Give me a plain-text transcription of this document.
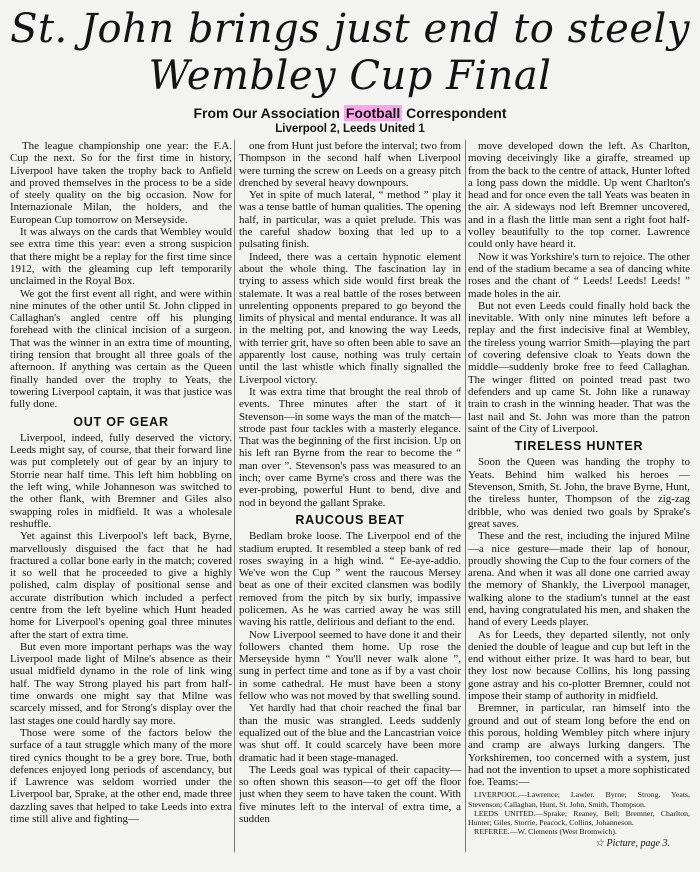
St. John brings just end to steely
Wembley Cup Final
From Our Association Football Correspondent
Liverpool 2, Leeds United 1

The league championship one year: the F.A. Cup the next. So for the first time in history, Liverpool have taken the trophy back to Anfield and proved themselves in the process to be a side of steely quality on the big occasion. Now for Internazionale Milan, the holders, and the European Cup tomorrow on Merseyside.

It was always on the cards that Wembley would see extra time this year: even a strong suspicion that there might be a replay for the first time since 1912, with the gleaming cup left temporarily unclaimed in the Royal Box.

We got the first event all right, and were within nine minutes of the other until St. John clipped in Callaghan's angled centre off his plunging forehead with the clinical incision of a surgeon. That was the winner in an extra time of mounting, tiring tension that brought all three goals of the afternoon. If anything was certain as the Queen finally handed over the trophy to Yeats, the towering Liverpool captain, it was that justice was fully done.

OUT OF GEAR

Liverpool, indeed, fully deserved the victory. Leeds might say, of course, that their forward line was put completely out of gear by an injury to Storrie near half time. This left him hobbling on the left wing, while Johanneson was switched to the other flank, with Bremner and Giles also swapping roles in midfield. It was a wholesale reshuffle.

Yet against this Liverpool's left back, Byrne, marvellously disguised the fact that he had fractured a collar bone early in the match; covered it so well that he proceeded to give a highly polished, calm display of positional sense and accurate distribution which included a perfect centre from the left byeline which Hunt headed home for Liverpool's opening goal three minutes after the start of extra time.

But even more important perhaps was the way Liverpool made light of Milne's absence as their usual midfield dynamo in the role of link wing half. The way Strong played his part from half-time onwards one might say that Milne was scarcely missed, and for Strong's display over the last stages one could hardly say more.

Those were some of the factors below the surface of a taut struggle which many of the more tired cynics thought to be a grey bore. True, both defences enjoyed long periods of ascendancy, but if Lawrence was seldom worried under the Liverpool bar, Sprake, at the other end, made three dazzling saves that helped to take Leeds into extra time still alive and fighting—

one from Hunt just before the interval; two from Thompson in the second half when Liverpool were turning the screw on Leeds on a greasy pitch drenched by several heavy downpours.

Yet in spite of much lateral, “ method ” play it was a tense battle of human qualities. The opening half, in particular, was a quiet prelude. This was the careful shadow boxing that led up to a pulsating finish.

Indeed, there was a certain hypnotic element about the whole thing. The fascination lay in trying to assess which side would first break the stalemate. It was a real battle of the roses between unrelenting opponents prepared to go beyond the limits of physical and mental endurance. It was all in the melting pot, and knowing the way Leeds, with terrier grit, have so often been able to save an apparently lost cause, nothing was truly certain until the last whistle which finally signalled the Liverpool victory.

It was extra time that brought the real throb of events. Three minutes after the start of it Stevenson—in some ways the man of the match—strode past four tackles with a masterly elegance. That was the beginning of the first incision. Up on his left ran Byrne from the rear to become the “ man over ”. Stevenson's pass was measured to an inch; over came Byrne's cross and there was the ever-probing, powerful Hunt to bend, dive and nod in beyond the gallant Sprake.

RAUCOUS BEAT

Bedlam broke loose. The Liverpool end of the stadium erupted. It resembled a steep bank of red roses swaying in a high wind. “ Ee-aye-addio. We've won the Cup ” went the raucous Mersey beat as one of their excited clansmen was bodily removed from the pitch by six burly, impassive policemen. As he was carried away he was still waving his rattle, delirious and defiant to the end.

Now Liverpool seemed to have done it and their followers chanted them home. Up rose the Merseyside hymn “ You'll never walk alone ”, sung in perfect time and tone as if by a vast choir in some cathedral. He must have been a stony fellow who was not moved by that swelling sound.

Yet hardly had that choir reached the final bar than the music was strangled. Leeds suddenly equalized out of the blue and the Lancastrian voice was shut off. It could scarcely have been more dramatic had it been stage-managed.

The Leeds goal was typical of their capacity—so often shown this season—to get off the floor just when they seem to have taken the count. With five minutes left to the interval of extra time, a sudden

move developed down the left. As Charlton, moving deceivingly like a giraffe, streamed up from the back to the centre of attack, Hunter lofted a long pass down the middle. Up went Charlton's head and for once even the tall Yeats was beaten in the air. A sideways nod left Bremner uncovered, and in a flash the little man sent a right foot half-volley beautifully to the top corner. Lawrence could only have heard it.

Now it was Yorkshire's turn to rejoice. The other end of the stadium became a sea of dancing white roses and the chant of “ Leeds! Leeds! Leeds! ” made holes in the air.

But not even Leeds could finally hold back the inevitable. With only nine minutes left before a replay and the first indecisive final at Wembley, the tireless young warrior Smith—playing the part of covering defensive cloak to Yeats down the middle—suddenly broke free to feed Callaghan. The winger flitted on pointed tread past two defenders and up came St. John like a runaway train to crash in the winning header. That was the last nail and St. John was more than the patron saint of the City of Liverpool.

TIRELESS HUNTER

Soon the Queen was handing the trophy to Yeats. Behind him walked his heroes —Stevenson, Smith, St. John, the brave Byrne, Hunt, the tireless hunter, Thompson of the zig-zag dribble, who was denied two goals by Sprake's great saves.

These and the rest, including the injured Milne—a nice gesture—made their lap of honour, proudly showing the Cup to the four corners of the arena. And when it was all done one carried away the memory of Shankly, the Liverpool manager, walking alone to the stadium's tunnel at the east end, having congratulated his men, and shaken the hand of every Leeds player.

As for Leeds, they departed silently, not only denied the double of league and cup but left in the end without either prize. It was hard to bear, but they lost now because Collins, his long passing gone astray and his co-plotter Bremner, could not impose their stamp of authority in midfield.

Bremner, in particular, ran himself into the ground and out of steam long before the end on this porous, holding Wembley pitch where injury and cramp are always lurking dangers. The Yorkshiremen, too concerned with a system, just had not the invention to upset a more sophisticated foe. Teams:—

LIVERPOOL.—Lawrence; Lawler, Byrne; Strong, Yeats, Stevenson; Callaghan, Hunt, St. John, Smith, Thompson.

LEEDS UNITED.—Sprake; Reaney, Bell; Bremner, Charlton, Hunter; Giles, Storrie, Peacock, Collins, Johanneson.

REFEREE.—W. Clements (West Bromwich).

☆ Picture, page 3.
